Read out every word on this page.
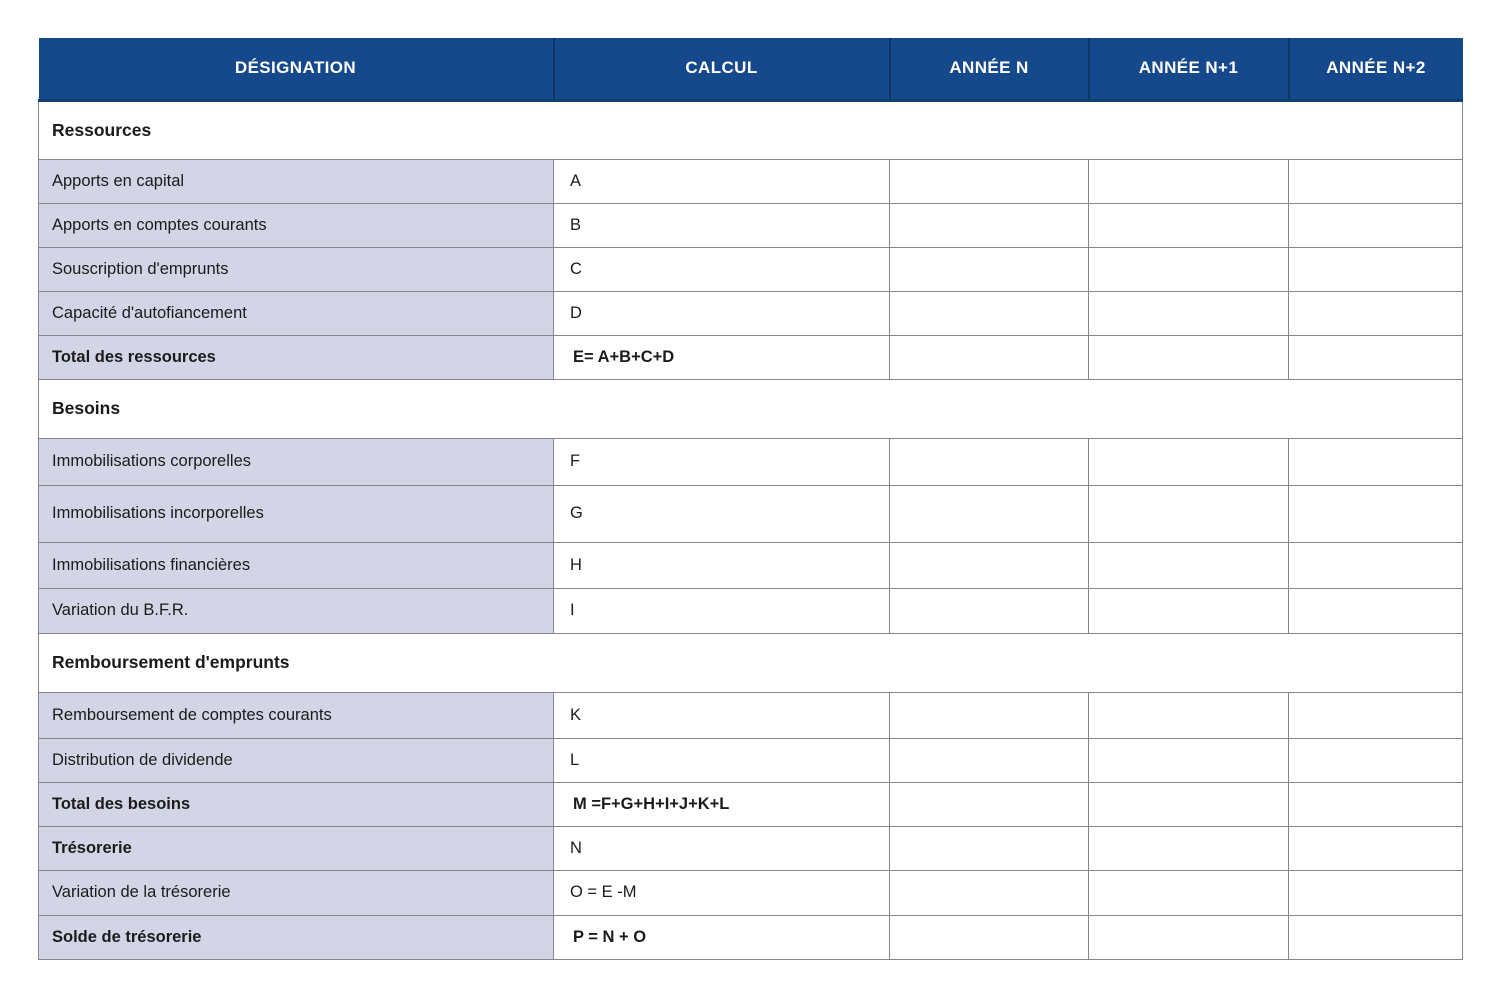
DÉSIGNATION	CALCUL	ANNÉE N	ANNÉE N+1	ANNÉE N+2
Ressources				
Apports en capital	A			
Apports en comptes courants	B			
Souscription d'emprunts	C			
Capacité d'autofiancement	D			
Total des ressources	E= A+B+C+D			
Besoins				
Immobilisations corporelles	F			
Immobilisations incorporelles	G			
Immobilisations financières	H			
Variation du B.F.R.	I			
Remboursement d'emprunts				
Remboursement de comptes courants	K			
Distribution de dividende	L			
Total des besoins	M =F+G+H+I+J+K+L			
Trésorerie	N			
Variation de la trésorerie	O = E -M			
Solde de trésorerie	P = N + O			
